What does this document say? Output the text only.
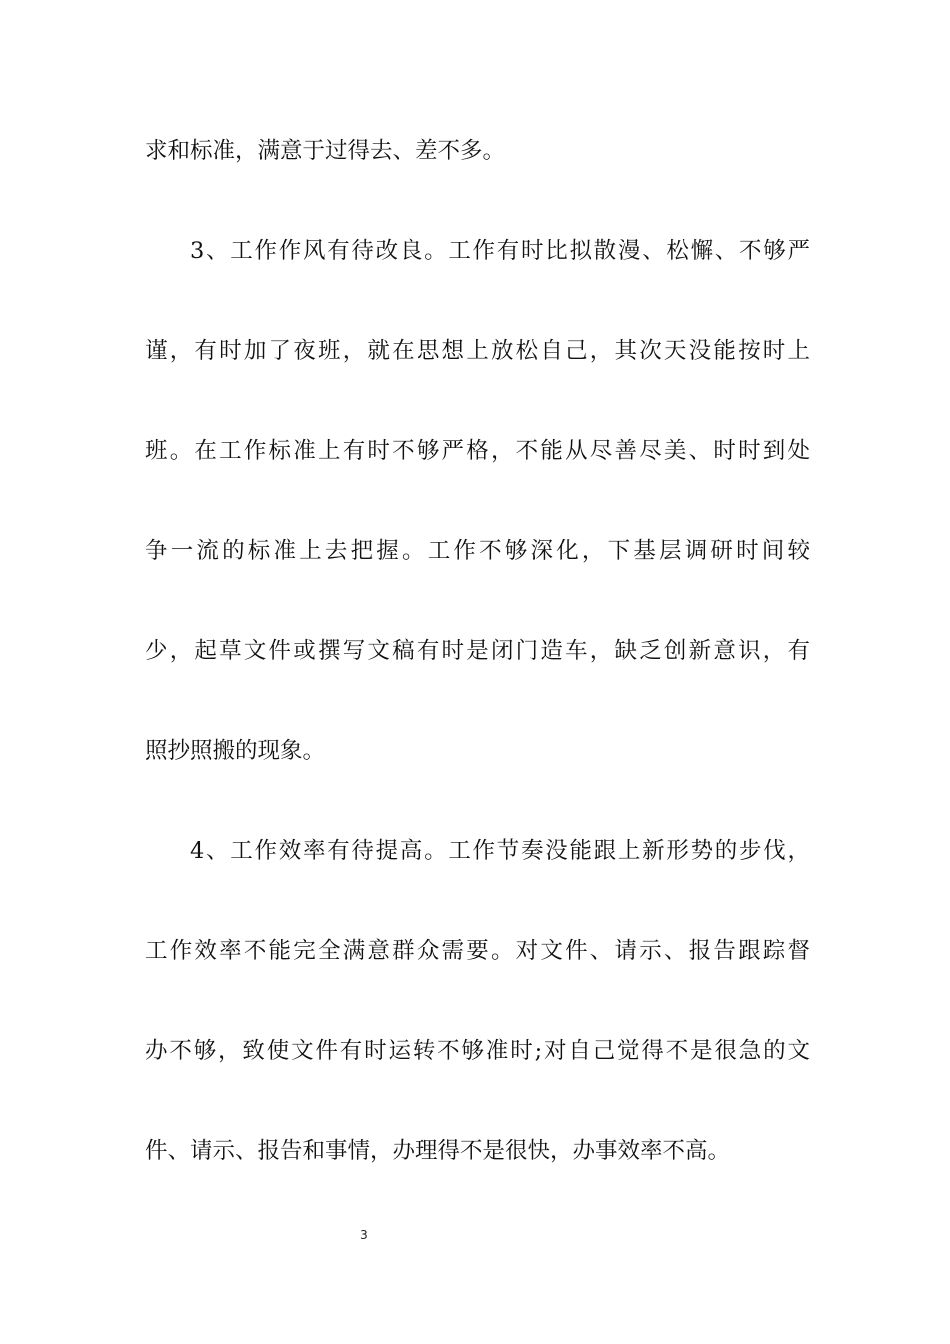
求和标准，满意于过得去、差不多。
3、工作作风有待改良。工作有时比拟散漫、松懈、不够严
谨，有时加了夜班，就在思想上放松自己，其次天没能按时上
班。在工作标准上有时不够严格，不能从尽善尽美、时时到处
争一流的标准上去把握。工作不够深化，下基层调研时间较
少，起草文件或撰写文稿有时是闭门造车，缺乏创新意识，有
照抄照搬的现象。
4、工作效率有待提高。工作节奏没能跟上新形势的步伐，
工作效率不能完全满意群众需要。对文件、请示、报告跟踪督
办不够，致使文件有时运转不够准时;对自己觉得不是很急的文
件、请示、报告和事情，办理得不是很快，办事效率不高。
3
